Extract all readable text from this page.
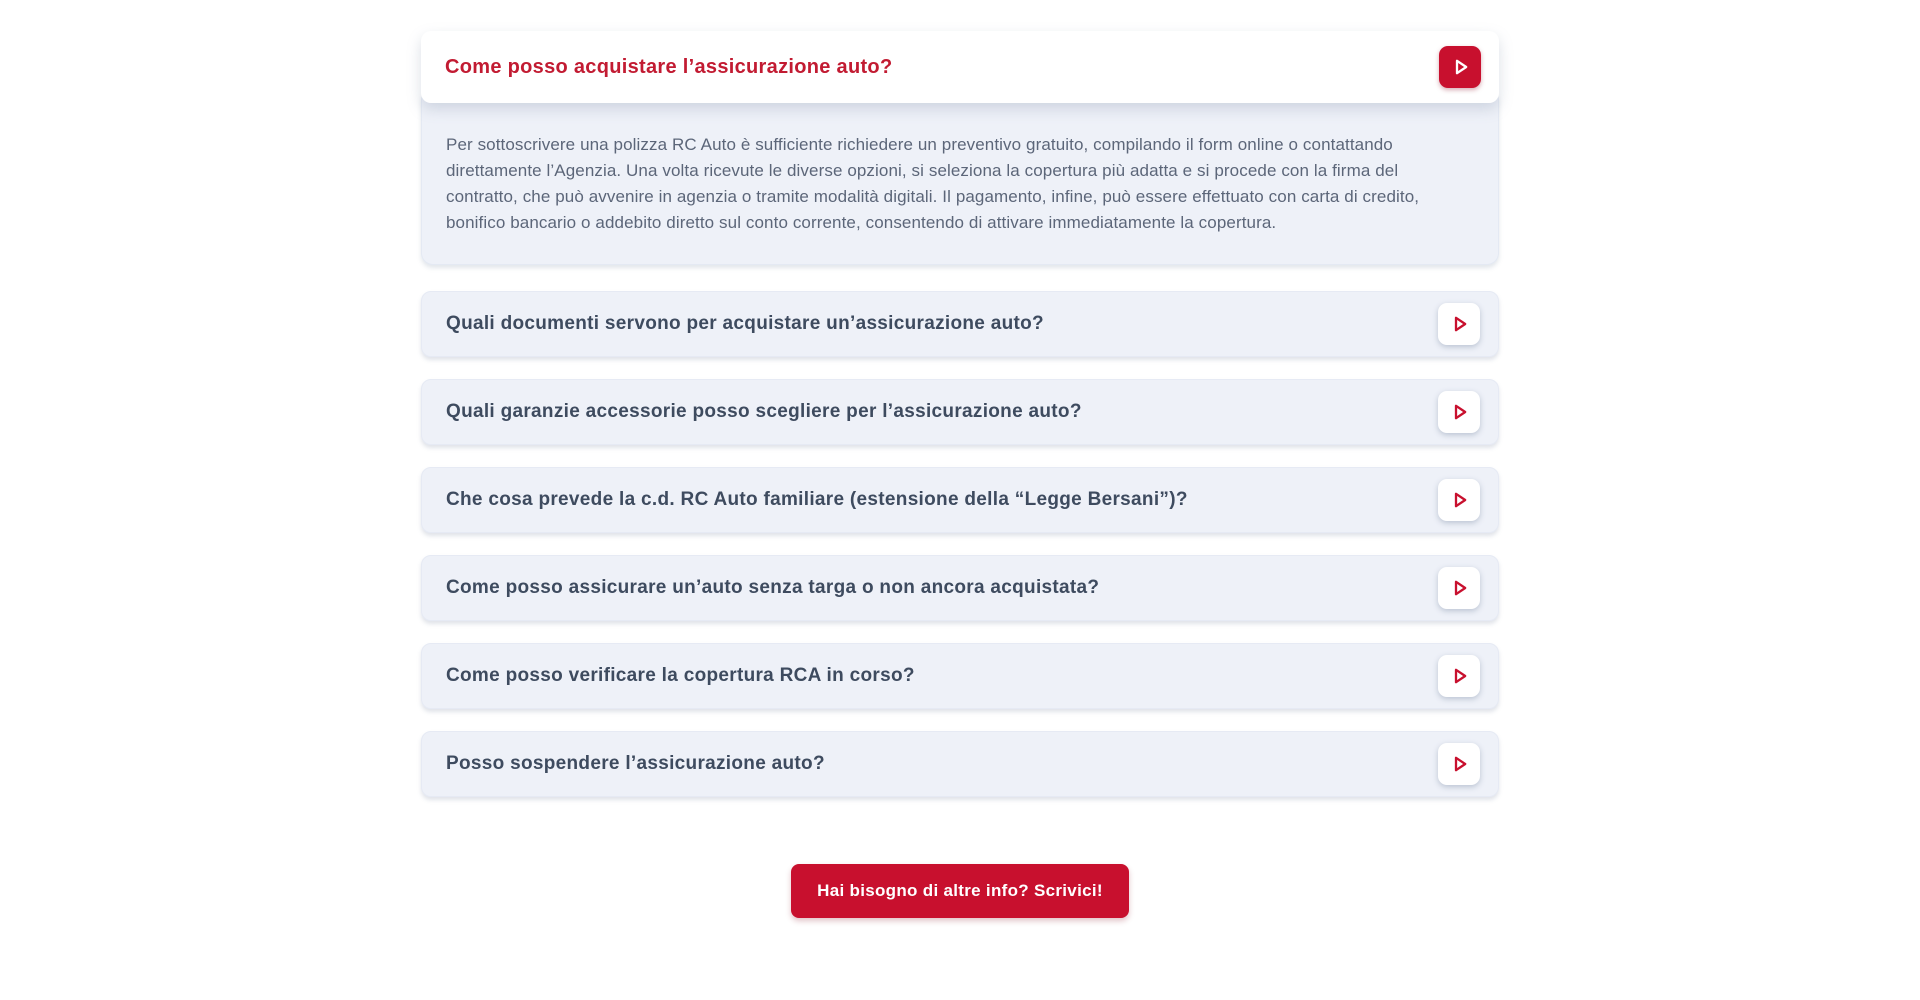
Come posso acquistare l’assicurazione auto?

Per sottoscrivere una polizza RC Auto è sufficiente richiedere un preventivo gratuito, compilando il form online o contattando direttamente l’Agenzia. Una volta ricevute le diverse opzioni, si seleziona la copertura più adatta e si procede con la firma del contratto, che può avvenire in agenzia o tramite modalità digitali. Il pagamento, infine, può essere effettuato con carta di credito, bonifico bancario o addebito diretto sul conto corrente, consentendo di attivare immediatamente la copertura.

Quali documenti servono per acquistare un’assicurazione auto?
Quali garanzie accessorie posso scegliere per l’assicurazione auto?
Che cosa prevede la c.d. RC Auto familiare (estensione della “Legge Bersani”)?
Come posso assicurare un’auto senza targa o non ancora acquistata?
Come posso verificare la copertura RCA in corso?
Posso sospendere l’assicurazione auto?
Hai bisogno di altre info? Scrivici!
